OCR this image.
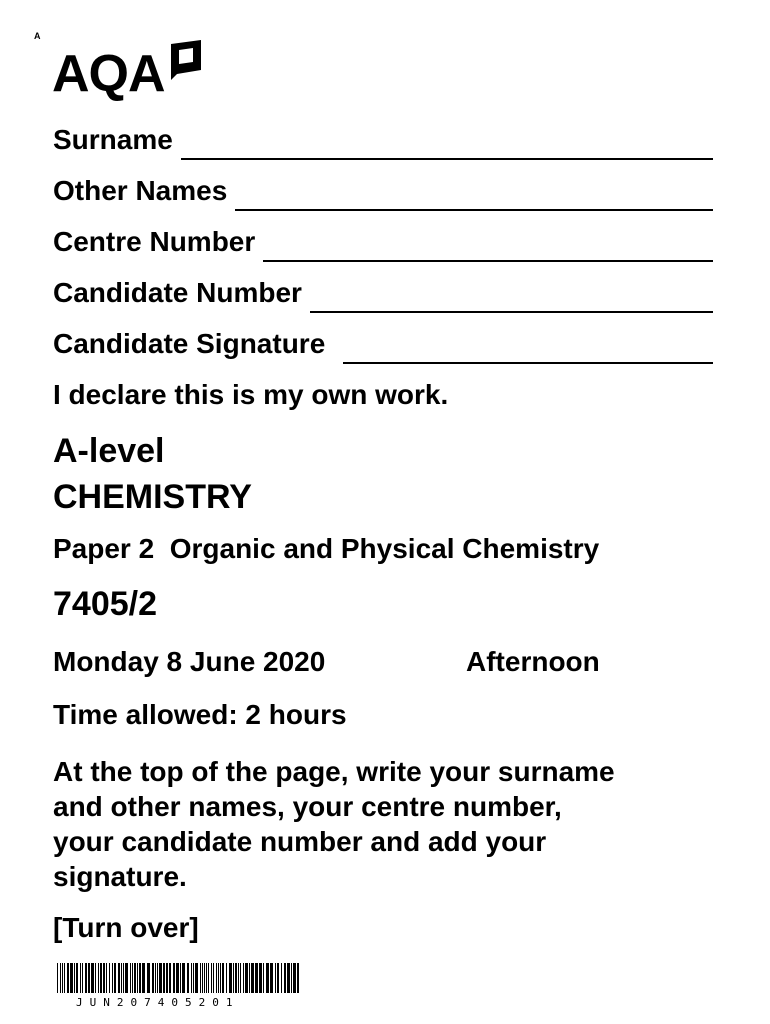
A
AQA
Surname
Other Names
Centre Number
Candidate Number
Candidate Signature
I declare this is my own work.
A-level
CHEMISTRY
Paper 2  Organic and Physical Chemistry
7405/2
Monday 8 June 2020	Afternoon
Time allowed: 2 hours
At the top of the page, write your surname
and other names, your centre number,
your candidate number and add your
signature.
[Turn over]
JUN207405201
